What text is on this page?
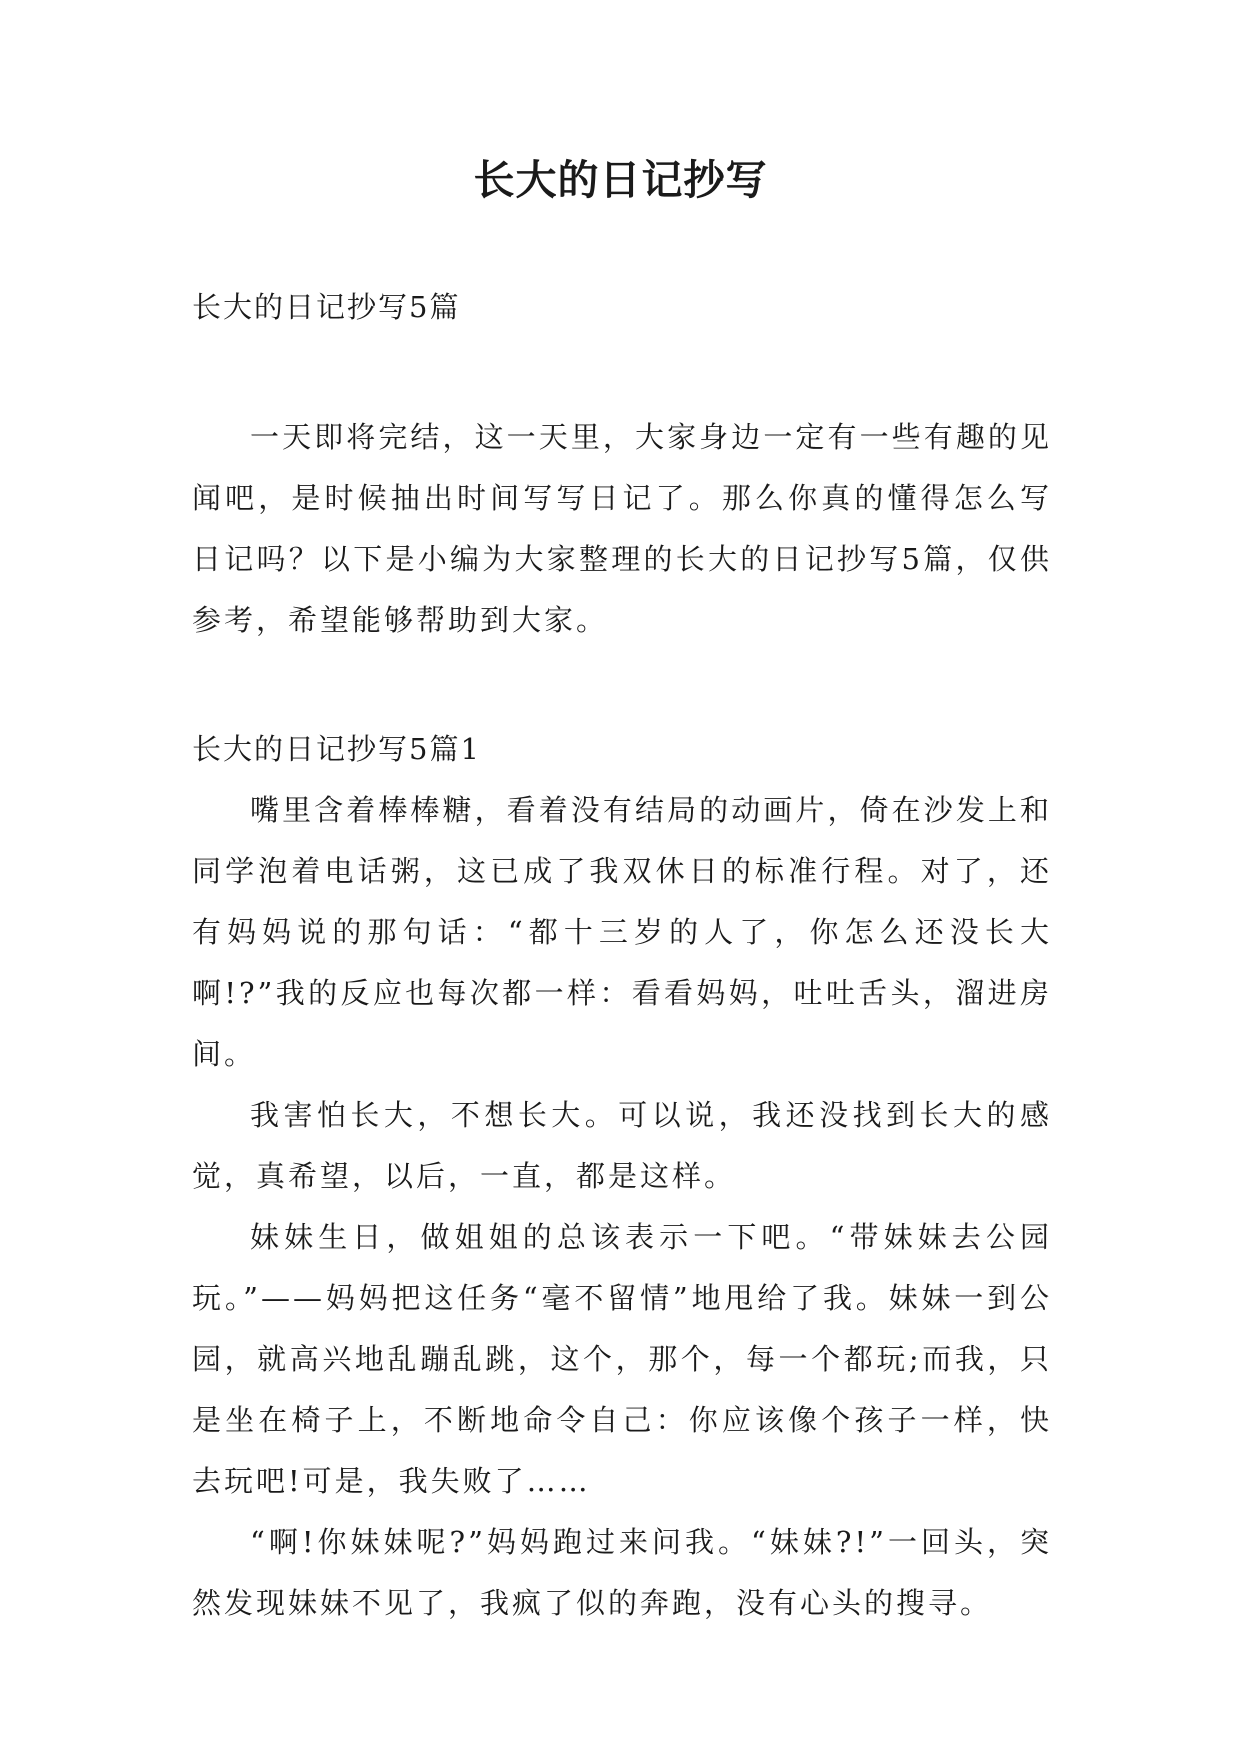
长大的日记抄写

长大的日记抄写5篇

一天即将完结，这一天里，大家身边一定有一些有趣的见闻吧，是时候抽出时间写写日记了。那么你真的懂得怎么写日记吗？以下是小编为大家整理的长大的日记抄写5篇，仅供参考，希望能够帮助到大家。

长大的日记抄写5篇1

嘴里含着棒棒糖，看着没有结局的动画片，倚在沙发上和同学泡着电话粥，这已成了我双休日的标准行程。对了，还有妈妈说的那句话：“都十三岁的人了，你怎么还没长大啊!?”我的反应也每次都一样：看看妈妈，吐吐舌头，溜进房间。

我害怕长大，不想长大。可以说，我还没找到长大的感觉，真希望，以后，一直，都是这样。

妹妹生日，做姐姐的总该表示一下吧。“带妹妹去公园玩。”——妈妈把这任务“毫不留情”地甩给了我。妹妹一到公园，就高兴地乱蹦乱跳，这个，那个，每一个都玩;而我，只是坐在椅子上，不断地命令自己：你应该像个孩子一样，快去玩吧!可是，我失败了……

“啊!你妹妹呢?”妈妈跑过来问我。“妹妹?!”一回头，突然发现妹妹不见了，我疯了似的奔跑，没有心头的搜寻。
